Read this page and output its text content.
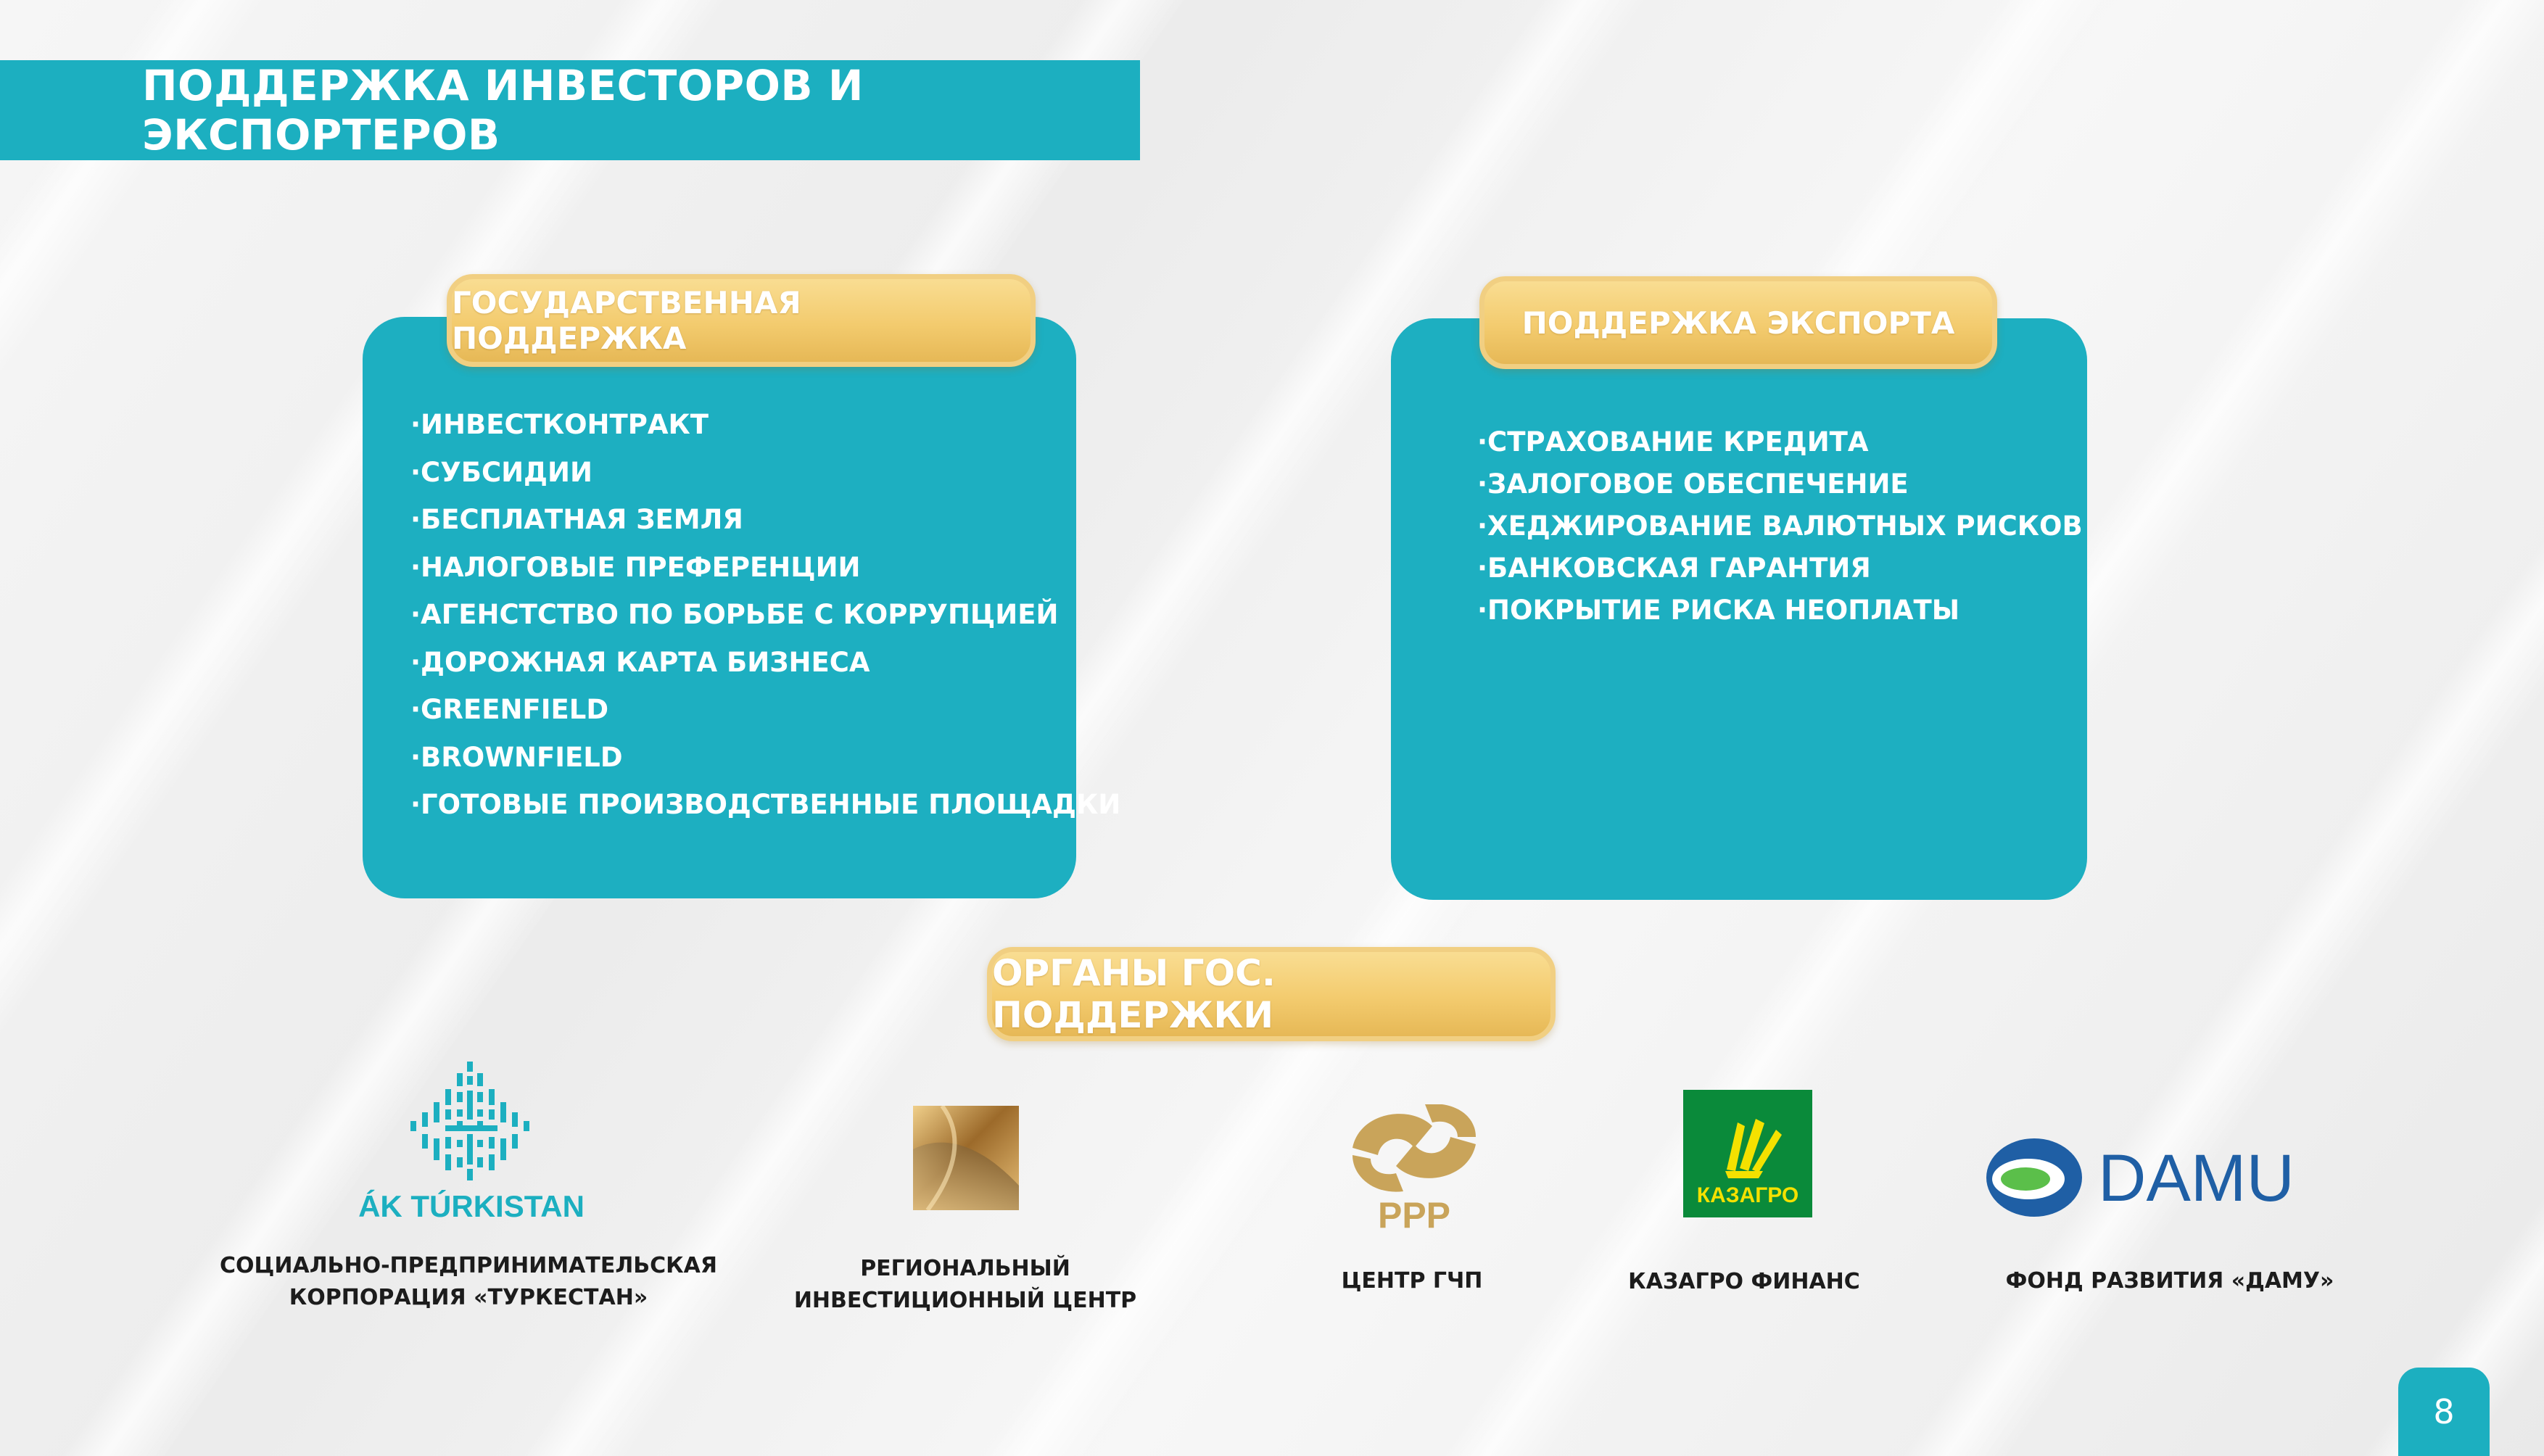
ПОДДЕРЖКА ИНВЕСТОРОВ И ЭКСПОРТЕРОВ
ГОСУДАРСТВЕННАЯ ПОДДЕРЖКА
·ИНВЕСТКОНТРАКТ
·СУБСИДИИ
·БЕСПЛАТНАЯ ЗЕМЛЯ
·НАЛОГОВЫЕ ПРЕФЕРЕНЦИИ
·АГЕНСТСТВО ПО БОРЬБЕ С КОРРУПЦИЕЙ
·ДОРОЖНАЯ КАРТА БИЗНЕСА
·GREENFIELD
·BROWNFIELD
·ГОТОВЫЕ ПРОИЗВОДСТВЕННЫЕ ПЛОЩАДКИ
ПОДДЕРЖКА ЭКСПОРТА
·СТРАХОВАНИЕ КРЕДИТА
·ЗАЛОГОВОЕ ОБЕСПЕЧЕНИЕ
·ХЕДЖИРОВАНИЕ ВАЛЮТНЫХ РИСКОВ
·БАНКОВСКАЯ ГАРАНТИЯ
·ПОКРЫТИЕ РИСКА НЕОПЛАТЫ
ОРГАНЫ ГОС. ПОДДЕРЖКИ
ÁK TÚRKISTAN	PPP	КАЗАГРО	DAMU
СОЦИАЛЬНО-ПРЕДПРИНИМАТЕЛЬСКАЯ
КОРПОРАЦИЯ «ТУРКЕСТАН»
РЕГИОНАЛЬНЫЙ
ИНВЕСТИЦИОННЫЙ ЦЕНТР
ЦЕНТР ГЧП	КАЗАГРО ФИНАНС	ФОНД РАЗВИТИЯ «ДАМУ»
8
